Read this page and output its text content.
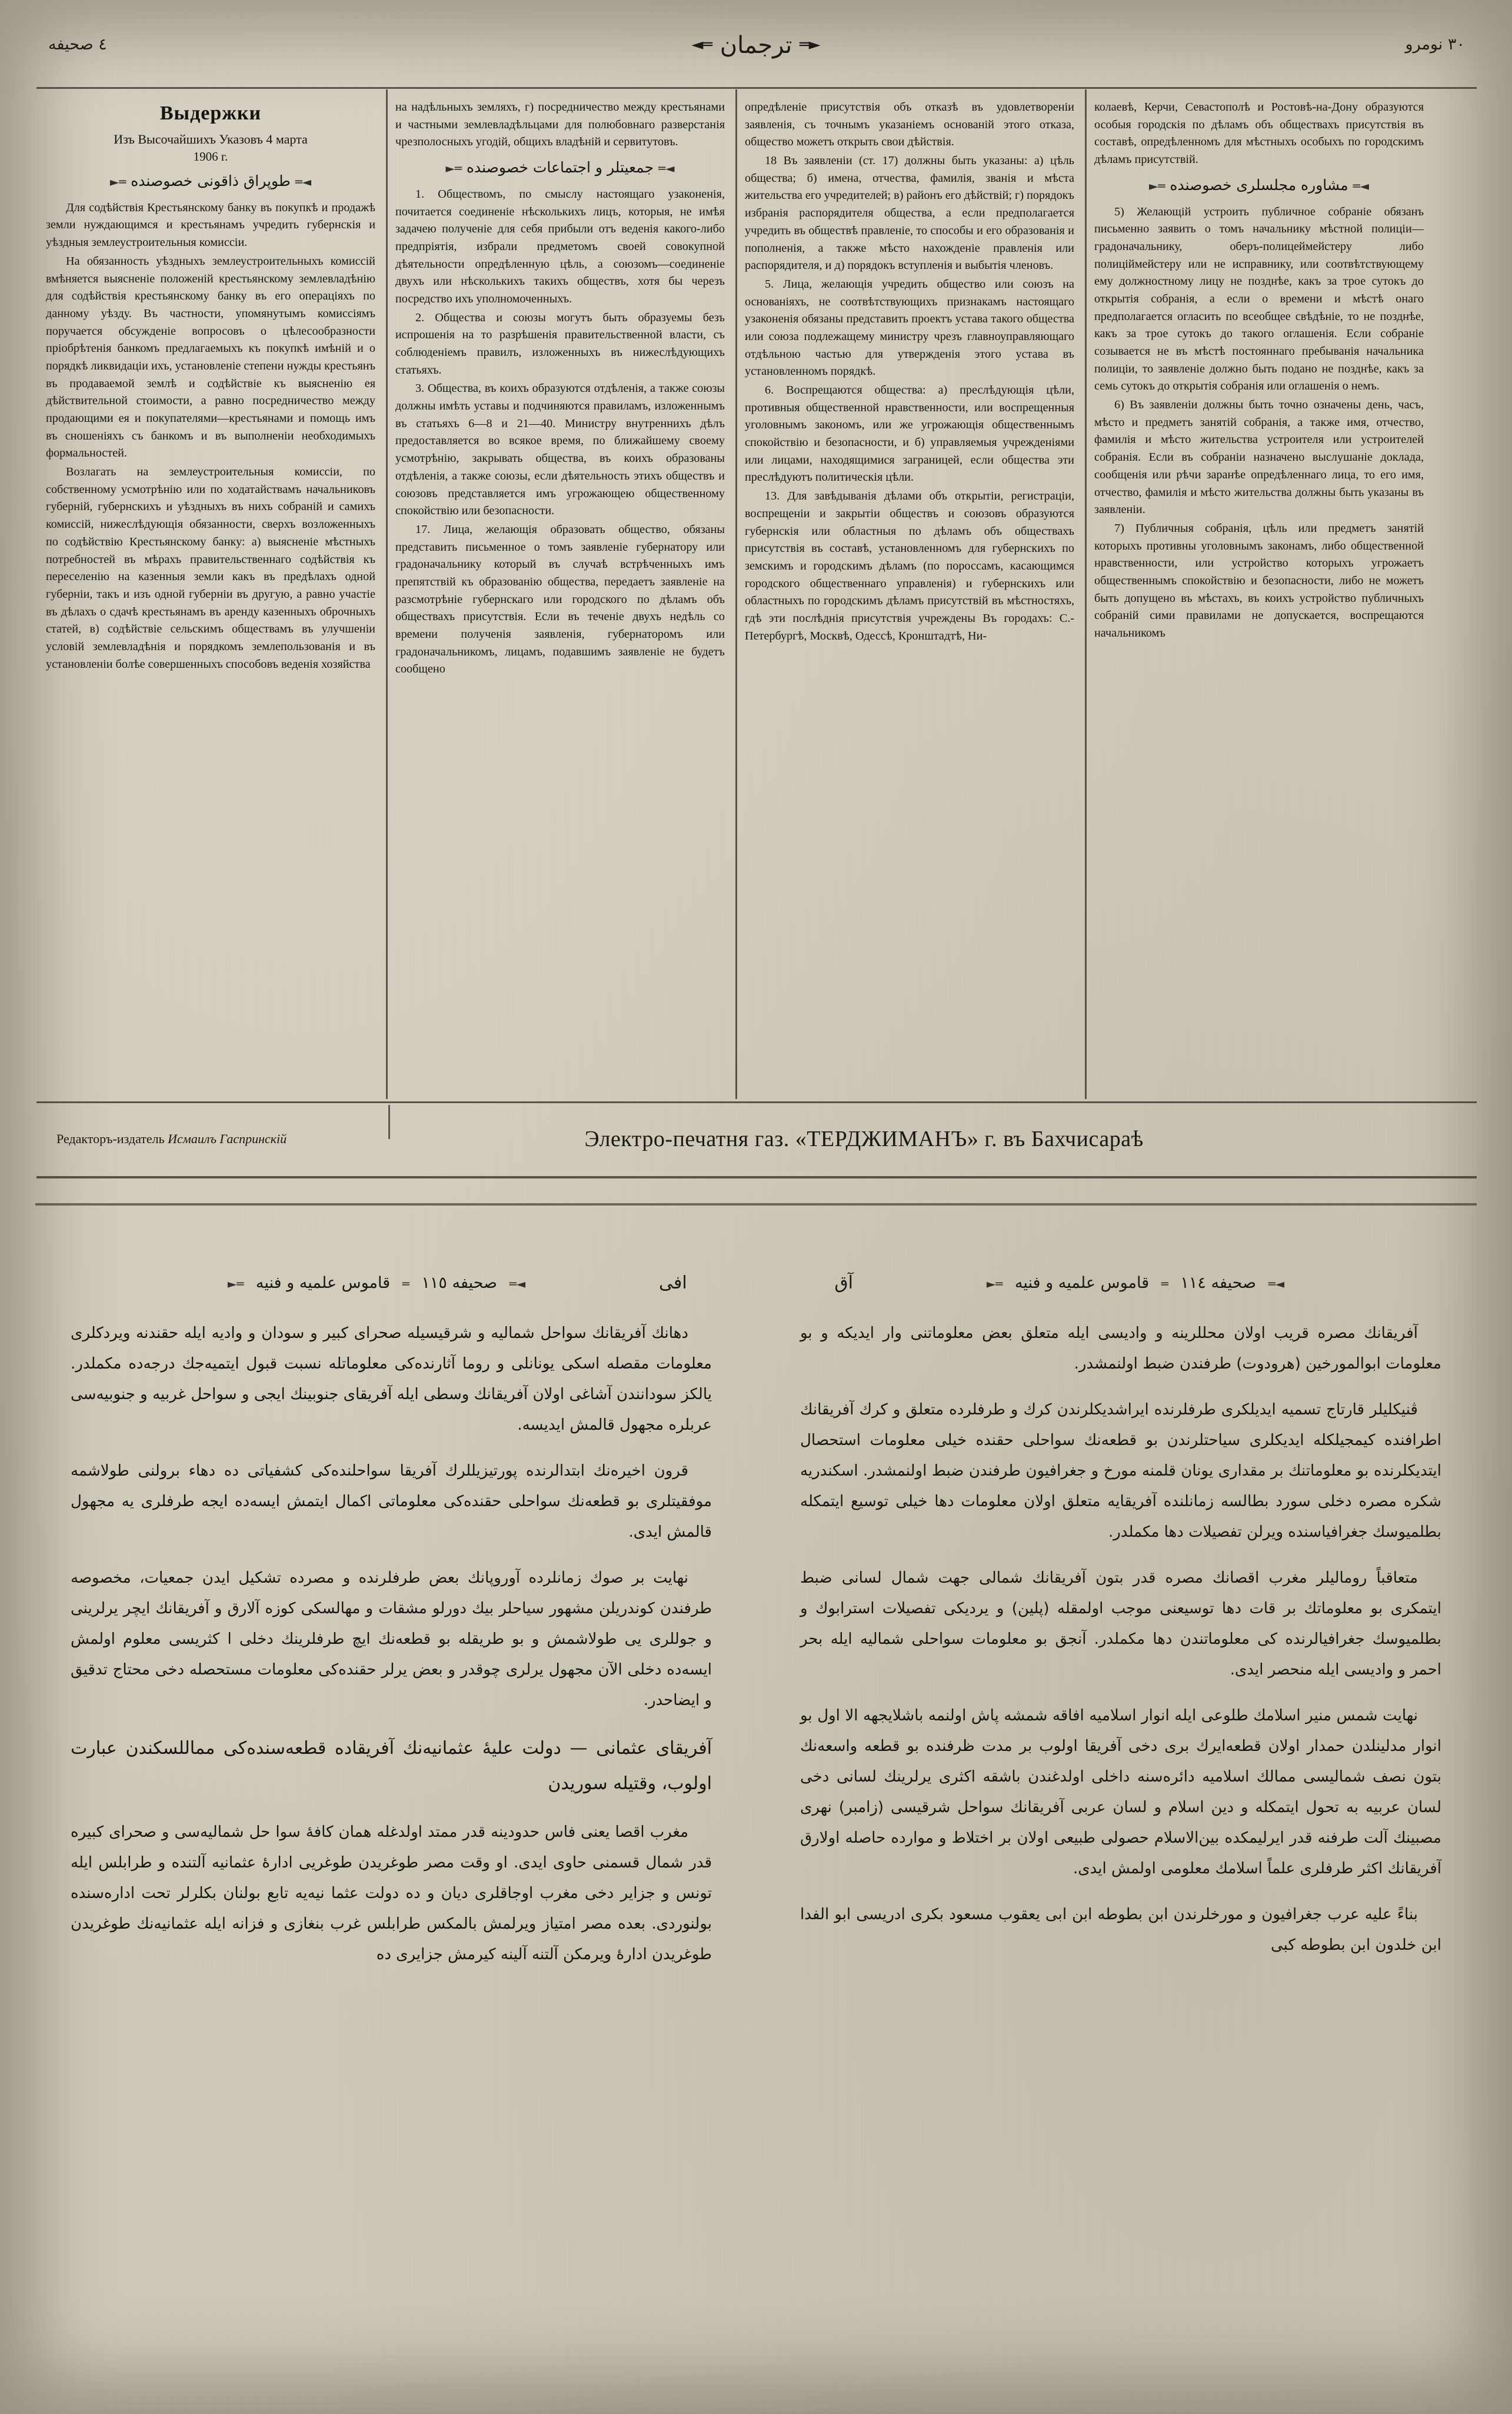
٤ صحیفه	◄═ ترجمان ═►	۳۰ نومرو
Выдержки
Изъ Высочайшихъ Указовъ 4 марта
1906 г.
◄═ طوپراق ذاقونی خصوصنده ═►

Для содѣйствія Крестьянскому банку въ покупкѣ и продажѣ земли нуждающимся и крестьянамъ учредить губернскія и уѣздныя землеустроительныя комиссіи.

На обязанность уѣздныхъ землеустроительныхъ комиссій вмѣняется выясненіе положеній крестьянскому землевладѣнію для содѣйствія крестьянскому банку въ его операціяхъ по данному уѣзду. Въ частности, упомянутымъ комиссіямъ поручается обсужденіе вопросовъ о цѣлесообразности пріобрѣтенія банкомъ предлагаемыхъ къ покупкѣ имѣній и о порядкѣ ликвидаціи ихъ, установленіе степени нужды крестьянъ въ продаваемой землѣ и содѣйствіе къ выясненію ея дѣйствительной стоимости, а равно посредничество между продающими ея и покупателями—крестьянами и помощь имъ въ сношеніяхъ съ банкомъ и въ выполненіи необходимыхъ формальностей.

Возлагать на землеустроительныя комиссіи, по собственному усмотрѣнію или по ходатайствамъ начальниковъ губерній, губернскихъ и уѣздныхъ въ нихъ собраній и самихъ комиссій, нижеслѣдующія обязанности, сверхъ возложенныхъ по содѣйствію Крестьянскому банку: а) выясненіе мѣстныхъ потребностей въ мѣрахъ правительственнаго содѣйствія къ переселенію на казенныя земли какъ въ предѣлахъ одной губерніи, такъ и изъ одной губерніи въ другую, а равно участіе въ дѣлахъ о сдачѣ крестьянамъ въ аренду казенныхъ оброчныхъ статей, в) содѣйствіе сельскимъ обществамъ въ улучшеніи условій землевладѣнія и порядкомъ землепользованія и въ установленіи болѣе совершенныхъ способовъ веденія хозяйства

на надѣльныхъ земляхъ, г) посредничество между крестьянами и частными землевладѣльцами для полюбовнаго разверстанія чрезполосныхъ угодій, общихъ владѣній и сервитутовъ.

◄═ جمعیتلر و اجتماعات خصوصنده ═►

1. Обществомъ, по смыслу настоящаго узаконенія, почитается соединеніе нѣсколькихъ лицъ, которыя, не имѣя задачею полученіе для себя прибыли отъ веденія какого-либо предпріятія, избрали предметомъ своей совокупной дѣятельности опредѣленную цѣль, а союзомъ—соединеніе двухъ или нѣсколькихъ такихъ обществъ, хотя бы черезъ посредство ихъ уполномоченныхъ.

2. Общества и союзы могутъ быть образуемы безъ испрошенія на то разрѣшенія правительственной власти, съ соблюденіемъ правилъ, изложенныхъ въ нижеслѣдующихъ статьяхъ.

3. Общества, въ коихъ образуются отдѣленія, а также союзы должны имѣть уставы и подчиняются правиламъ, изложеннымъ въ статьяхъ 6—8 и 21—40. Министру внутреннихъ дѣлъ предоставляется во всякое время, по ближайшему своему усмотрѣнію, закрывать общества, въ коихъ образованы отдѣленія, а также союзы, если дѣятельность этихъ обществъ и союзовъ представляется имъ угрожающею общественному спокойствію или безопасности.

17. Лица, желающія образовать общество, обязаны представить письменное о томъ заявленіе губернатору или градоначальнику который въ случаѣ встрѣченныхъ имъ препятствій къ образованію общества, передаетъ заявленіе на разсмотрѣніе губернскаго или городского по дѣламъ объ обществахъ присутствія. Если въ теченіе двухъ недѣль со времени полученія заявленія, губернаторомъ или градоначальникомъ, лицамъ, подавшимъ заявленіе не будетъ сообщено

опредѣленіе присутствія объ отказѣ въ удовлетвореніи заявленія, съ точнымъ указаніемъ основаній этого отказа, общество можетъ открыть свои дѣйствія.

18 Въ заявленіи (ст. 17) должны быть указаны: а) цѣль общества; б) имена, отчества, фамилія, званія и мѣста жительства его учредителей; в) районъ его дѣйствій; г) порядокъ избранія распорядителя общества, а если предполагается учредить въ обществѣ правленіе, то способы и его образованія и пополненія, а также мѣсто нахожденіе правленія или распорядителя, и д) порядокъ вступленія и выбытія членовъ.

5. Лица, желающія учредить общество или союзъ на основаніяхъ, не соотвѣтствующихъ признакамъ настоящаго узаконенія обязаны представить проектъ устава такого общества или союза подлежащему министру чрезъ главноуправляющаго отдѣльною частью для утвержденія этого устава въ установленномъ порядкѣ.

6. Воспрещаются общества: а) преслѣдующія цѣли, противныя общественной нравственности, или воспрещенныя уголовнымъ закономъ, или же угрожающія общественнымъ спокойствію и безопасности, и б) управляемыя учрежденіями или лицами, находящимися заграницей, если общества эти преслѣдуютъ политическія цѣли.

13. Для завѣдыванія дѣлами объ открытіи, регистраціи, воспрещеніи и закрытіи обществъ и союзовъ образуются губернскія или областныя по дѣламъ объ обществахъ присутствія въ составѣ, установленномъ для губернскихъ по земскимъ и городскимъ дѣламъ (по пороссамъ, касающимся городского общественнаго управленія) и губернскихъ или областныхъ по городскимъ дѣламъ присутствій въ мѣстностяхъ, гдѣ эти послѣднія присутствія учреждены Въ городахъ: С.-Петербургѣ, Москвѣ, Одессѣ, Кронштадтѣ, Ни-

колаевѣ, Керчи, Севастополѣ и Ростовѣ-на-Дону образуются особыя городскія по дѣламъ объ обществахъ присутствія въ составѣ, опредѣленномъ для мѣстныхъ особыхъ по городскимъ дѣламъ присутствій.

◄═ مشاورە مجلسلری خصوصنده ═►

5) Желающій устроить публичное собраніе обязанъ письменно заявить о томъ начальнику мѣстной полиціи—градоначальнику, оберъ-полицеймейстеру либо полиціймейстеру или не исправнику, или соотвѣтствующему ему должностному лицу не позднѣе, какъ за трое сутокъ до открытія собранія, а если о времени и мѣстѣ онаго предполагается огласить по всеобщее свѣдѣніе, то не позднѣе, какъ за трое сутокъ до такого оглашенія. Если собраніе созывается не въ мѣстѣ постояннаго пребыванія начальника полиціи, то заявленіе должно быть подано не позднѣе, какъ за семь сутокъ до открытія собранія или оглашенія о немъ.

6) Въ заявленіи должны быть точно означены день, часъ, мѣсто и предметъ занятій собранія, а также имя, отчество, фамилія и мѣсто жительства устроителя или устроителей собранія. Если въ собраніи назначено выслушаніе доклада, сообщенія или рѣчи заранѣе опредѣленнаго лица, то его имя, отчество, фамилія и мѣсто жительства должны быть указаны въ заявленіи.

7) Публичныя собранія, цѣль или предметъ занятій которыхъ противны уголовнымъ законамъ, либо общественной нравственности, или устройство которыхъ угрожаетъ общественнымъ спокойствію и безопасности, либо не можетъ быть допущено въ мѣстахъ, въ коихъ устройство публичныхъ собраній сими правилами не допускается, воспрещаются начальникомъ

Редакторъ-издатель Исмаилъ Гаспринскій	Электро-печатня газ. «ТЕРДЖИМАНЪ» г. въ Бахчисараѣ
◄═ صحیفه ١١٥ ═ قاموس علمیه و فنیه ═►	افی	◄═ صحیفه ١١٤ ═ قاموس علمیه و فنیه ═►
آق

آفریقانك مصره قریب اولان محللرینه و وادیسی ایله متعلق بعض معلوماتنی وار ایدیكه و بو معلومات ابوالمورخین (هرودوت) طرفندن ضبط اولنمشدر.

ڤنیكلیلر قارتاج تسمیه ایدیلكری طرفلرنده ایراشدیكلرندن كرك و طرفلرده متعلق و كرك آفریقانك اطرافنده كیمجیلكله ایدیكلری سیاحتلرندن بو قطعه‌نك سواحلی حقنده خیلی معلومات استحصال ایتدیكلرنده بو معلوماتنك بر مقداری یونان قلمنه مورخ و جغرافیون طرفندن ضبط اولنمشدر. اسكندریه شكره مصره دخلی سورد بطالسه زمانلنده آفریقایه متعلق اولان معلومات دها خیلی توسیع ایتمكله بطلمیوسك جغرافیاسنده ویرلن تفصیلات دها مكملدر.

متعاقباً رومالیلر مغرب اقصانك مصره قدر بتون آفریقانك شمالی جهت شمال لسانی ضبط ایتمكری بو معلوماتك بر قات دها توسیعنی موجب اولمقله (پلین) و یردیكی تفصیلات استرابوك و بطلمیوسك جغرافیالرنده كی معلوماتندن دها مكملدر. آنجق بو معلومات سواحلی شمالیه ایله بحر احمر و وادیسی ایله منحصر ایدی.

نهایت شمس منیر اسلامك طلوعی ایله انوار اسلامیه افاقه شمشه پاش اولنمه باشلایجهه الا اول بو انوار مدلینلدن حمدار اولان قطعه‌ایرك بری دخی آفریقا اولوب بر مدت ظرفنده بو قطعه واسعه‌نك بتون نصف شمالیسی ممالك اسلامیه دائره‌سنه داخلی اولدغندن باشقه اكثری یرلرینك لسانی دخی لسان عربیه به تحول ایتمكله و دین اسلام و لسان عربی آفریقانك سواحل شرقیسی (زامبر) نهری مصبینك آلت طرفنه قدر ایرلیمكده بین‌الاسلام حصولی طبیعی اولان بر اختلاط و موارده حاصله اولارق آفریقانك اكثر طرفلری علماً اسلامك معلومی اولمش ایدی.

بناءً علیه عرب جغرافیون و مورخلرندن ابن بطوطه ابن ابی یعقوب مسعود بكری ادریسی ابو الفدا ابن خلدون ابن بطوطه كبی

دهانك آفریقانك سواحل شمالیه و شرقیسیله صحرای كبیر و سودان و وادیه ایله حقندنه ویردكلری معلومات مقصله اسكی یونانلی و روما آثارندەكی معلوماتله نسبت قبول ایتمیه‌جك درجه‌ده مكملدر. یالكز سودانندن آشاغی اولان آفریقانك وسطی ایله آفریقای جنوبینك ایجی و سواحل غربیه و جنوبیه‌سی عربلره مجهول قالمش ایدیسه.

قرون اخیره‌نك ابتدالرنده پورتیزیللرك آفریقا سواحلنده‌كی كشفیاتی ده دهاء برولنی طولاشمه موفقیتلری بو قطعه‌نك سواحلی حقنده‌كی معلوماتی اكمال ایتمش ایسه‌ده ایجه طرفلری یه مجهول قالمش ایدی.

نهایت بر صوك زمانلرده آوروپانك بعض طرفلرنده و مصرده تشكیل ایدن جمعیات، مخصوصه طرفندن كوندریلن مشهور سیاحلر بیك دورلو مشقات و مهالسكی كوزه آلارق و آفریقانك ایچر یرلرینی و جوللری یی طولاشمش و بو طریقله بو قطعه‌نك ایچ طرفلرینك دخلی ا كثریسی معلوم اولمش ایسه‌ده دخلی الآن مجهول یرلری چوقدر و بعض یرلر حقنده‌كی معلومات مستحصله دخی محتاج تدقیق و ایضاحدر.

آفریقای عثمانی — دولت علیهٔ عثمانیه‌نك آفریقا‌ده قطعه‌سنده‌كی مماللسكندن عبارت اولوب، وقتیله سوریدن

مغرب اقصا یعنی فاس حدودینه قدر ممتد اولدغله همان كافهٔ سوا حل شمالیه‌سی و صحرای كبیره قدر شمال قسمنی حاوی ایدی. او وقت مصر طوغریدن طوغریی ادارهٔ عثمانیه آلتنده و طرابلس ایله تونس و جزایر دخی مغرب اوجاقلری دیان و ده دولت عثما نیه‌یه تابع بولنان بكلرلر تحت اداره‌سنده بولنوردی. بعده مصر امتیاز ویرلمش بالمكس طرابلس غرب بنغازی و فزانه ایله عثمانیه‌نك طوغریدن طوغریدن ادارهٔ ویرمكن آلتنه آلینه كیرمش جزایری ده
